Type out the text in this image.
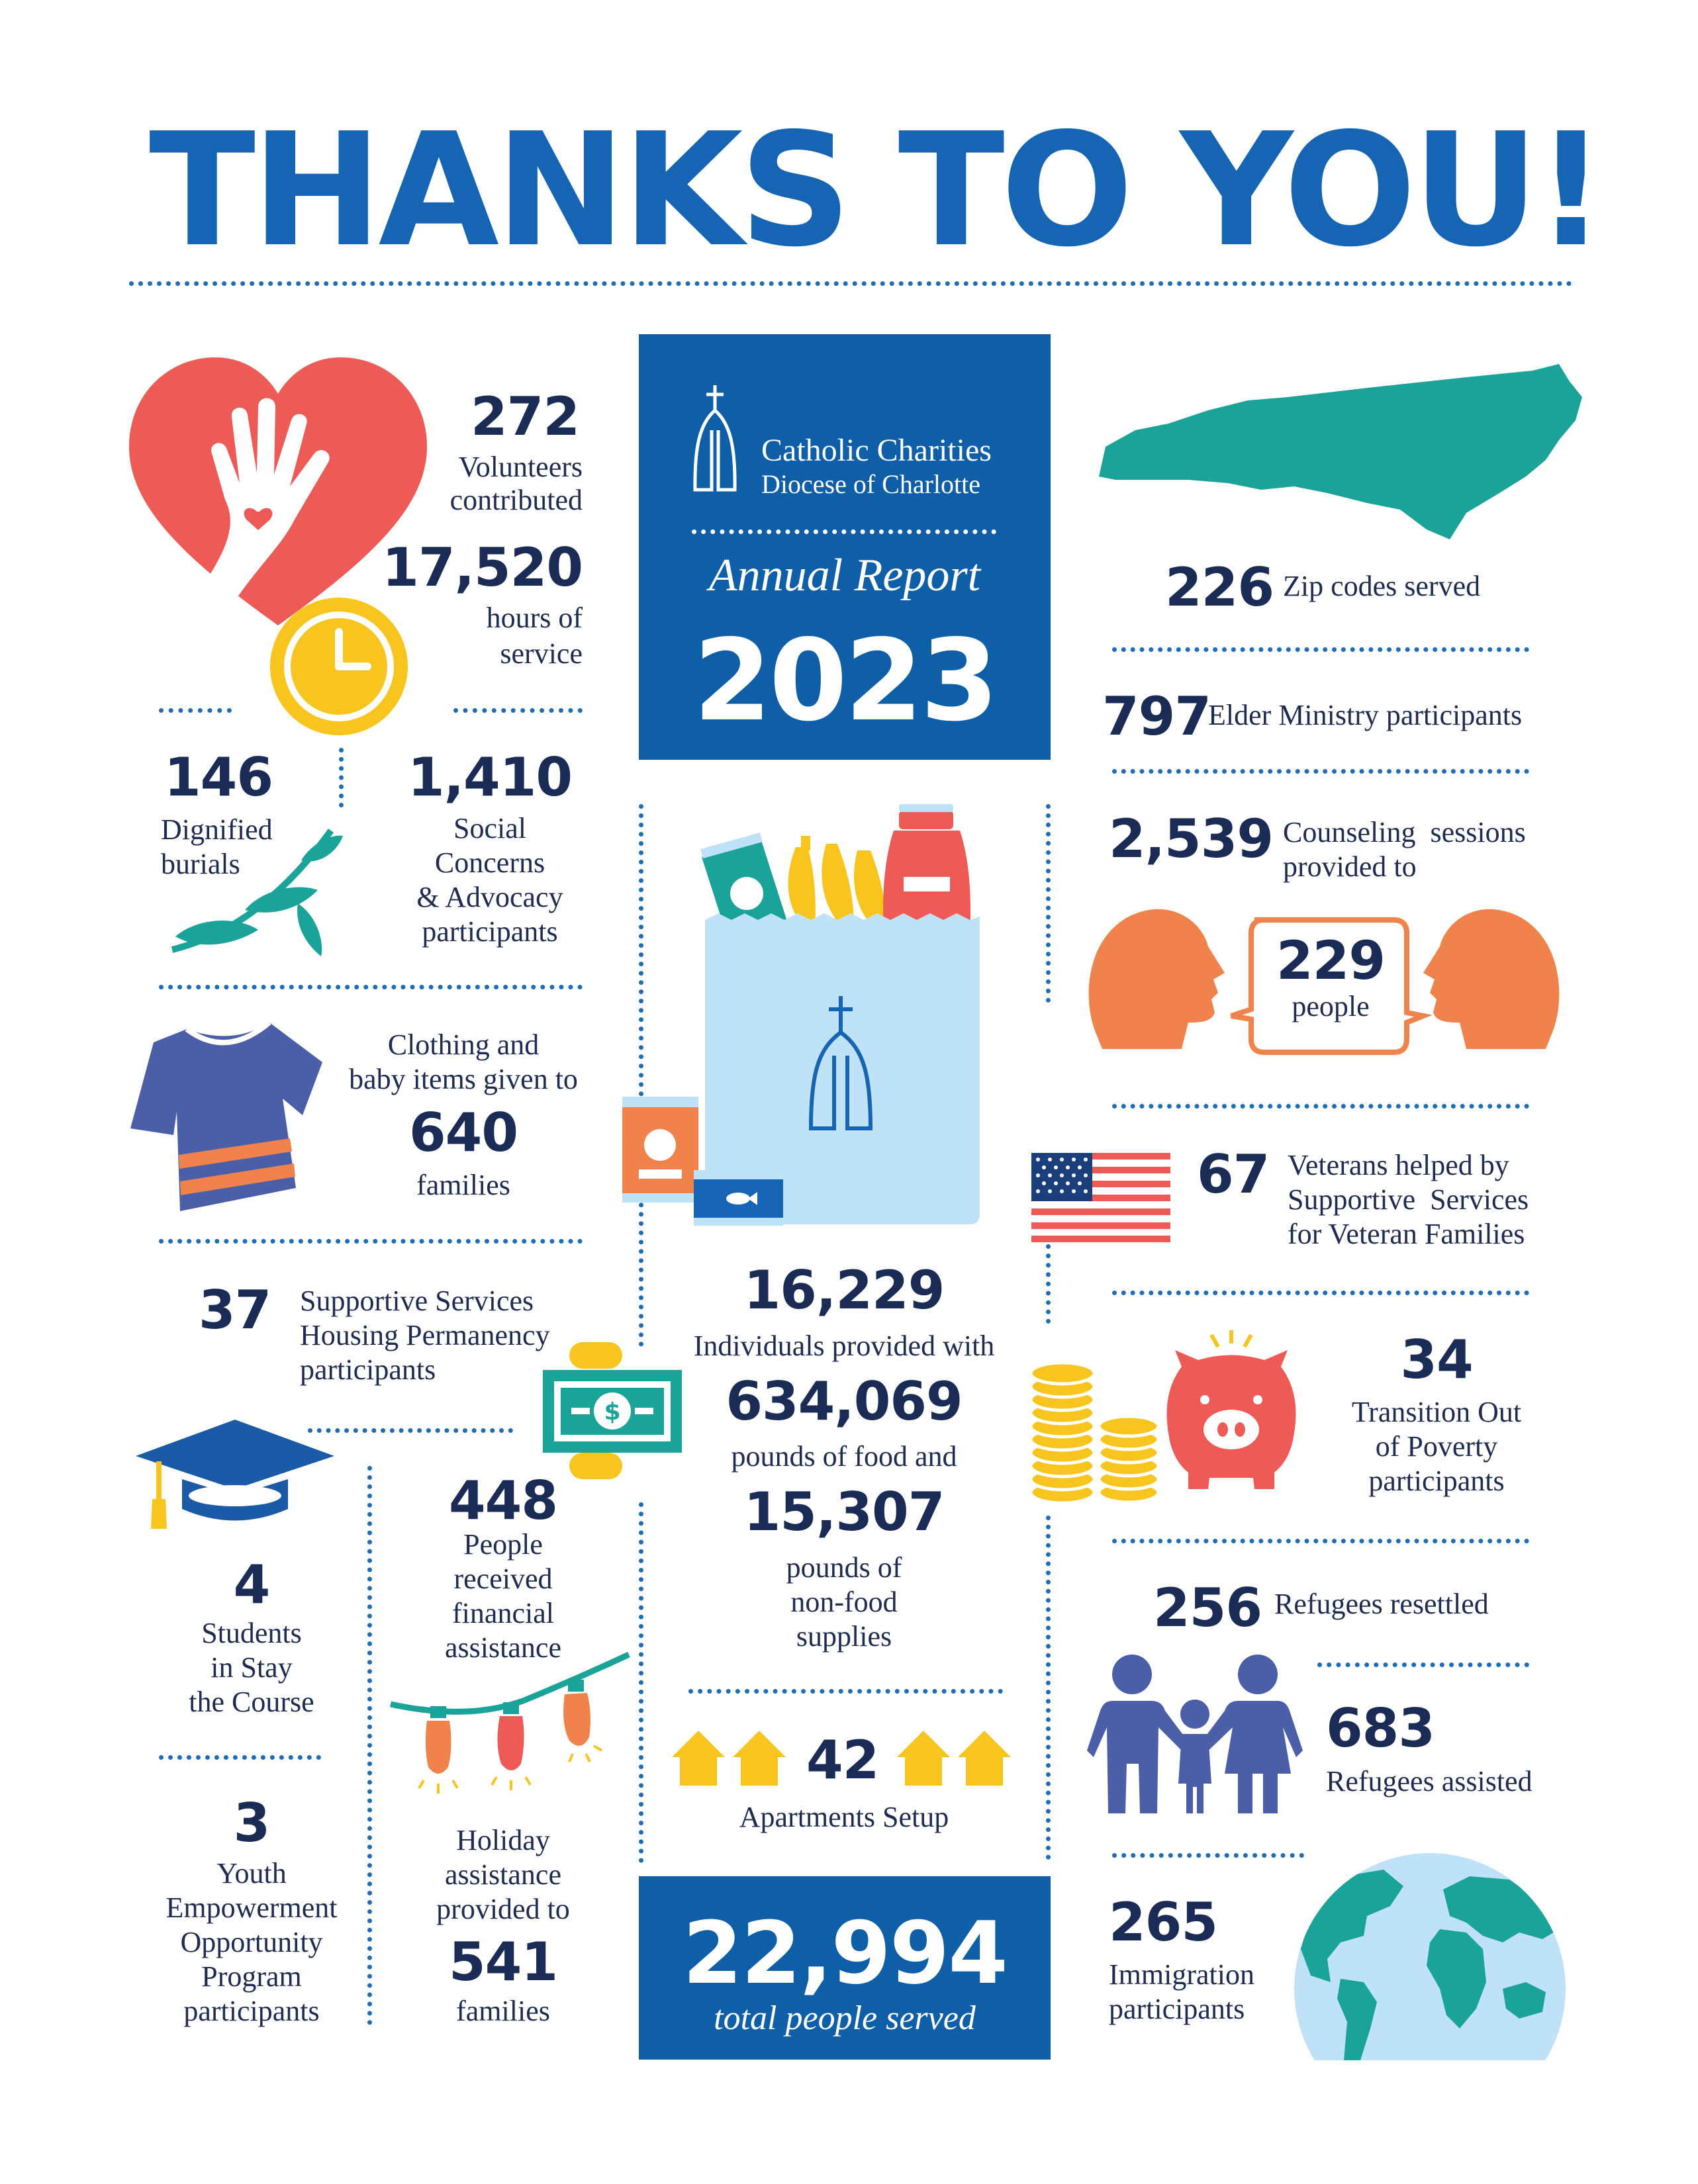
THANKS TO YOU!
Catholic Charities
Diocese of Charlotte
Annual Report
2023
272
Volunteers
contributed
17,520
hours of
service
146
Dignified
burials
1,410
Social
Concerns
& Advocacy
participants
Clothing and
baby items given to
640
families
37 Supportive Services
Housing Permanency
participants
$
4
Students
in Stay
the Course
448
People
received
financial
assistance
3
Youth
Empowerment
Opportunity
Program
participants
Holiday
assistance
provided to
541
families
16,229
Individuals provided with
634,069
pounds of food and
15,307
pounds of
non-food
supplies
42
Apartments Setup
22,994
total people served
226 Zip codes served
797
Elder Ministry participants
2,539 Counseling  sessions
provided to
229
people
67 Veterans helped by
Supportive  Services
for Veteran Families
34
Transition Out
of Poverty
participants
256 Refugees resettled
683
Refugees assisted
265
Immigration
participants
